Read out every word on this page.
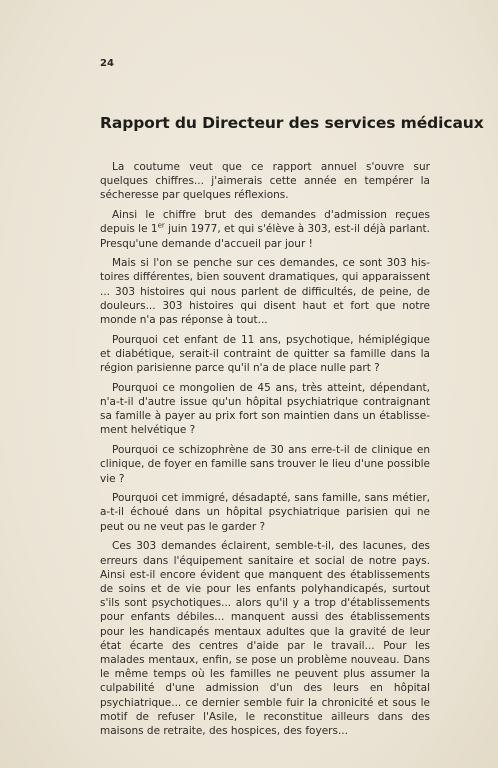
24
Rapport du Directeur des services médicaux

La coutume veut que ce rapport annuel s'ouvre sur quelques chiffres... j'aimerais cette année en tempérer la sécheresse par quelques réflexions.

Ainsi le chiffre brut des demandes d'admission reçues depuis le 1er juin 1977, et qui s'élève à 303, est-il déjà parlant. Presqu'une demande d'accueil par jour !

Mais si l'on se penche sur ces demandes, ce sont 303 histoires différentes, bien souvent dramatiques, qui apparaissent ... 303 histoires qui nous parlent de difficultés, de peine, de douleurs... 303 histoires qui disent haut et fort que notre monde n'a pas réponse à tout...

Pourquoi cet enfant de 11 ans, psychotique, hémiplégique et diabétique, serait-il contraint de quitter sa famille dans la région parisienne parce qu'il n'a de place nulle part ?

Pourquoi ce mongolien de 45 ans, très atteint, dépendant, n'a-t-il d'autre issue qu'un hôpital psychiatrique contraignant sa famille à payer au prix fort son maintien dans un établissement helvétique ?

Pourquoi ce schizophrène de 30 ans erre-t-il de clinique en clinique, de foyer en famille sans trouver le lieu d'une possible vie ?

Pourquoi cet immigré, désadapté, sans famille, sans métier, a-t-il échoué dans un hôpital psychiatrique parisien qui ne peut ou ne veut pas le garder ?

Ces 303 demandes éclairent, semble-t-il, des lacunes, des erreurs dans l'équipement sanitaire et social de notre pays. Ainsi est-il encore évident que manquent des établissements de soins et de vie pour les enfants polyhandicapés, surtout s'ils sont psychotiques... alors qu'il y a trop d'établissements pour enfants débiles... manquent aussi des établissements pour les handicapés mentaux adultes que la gravité de leur état écarte des centres d'aide par le travail... Pour les malades mentaux, enfin, se pose un problème nouveau. Dans le même temps où les familles ne peuvent plus assumer la culpabilité d'une admission d'un des leurs en hôpital psychiatrique... ce dernier semble fuir la chronicité et sous le motif de refuser l'Asile, le reconstitue ailleurs dans des maisons de retraite, des hospices, des foyers...
